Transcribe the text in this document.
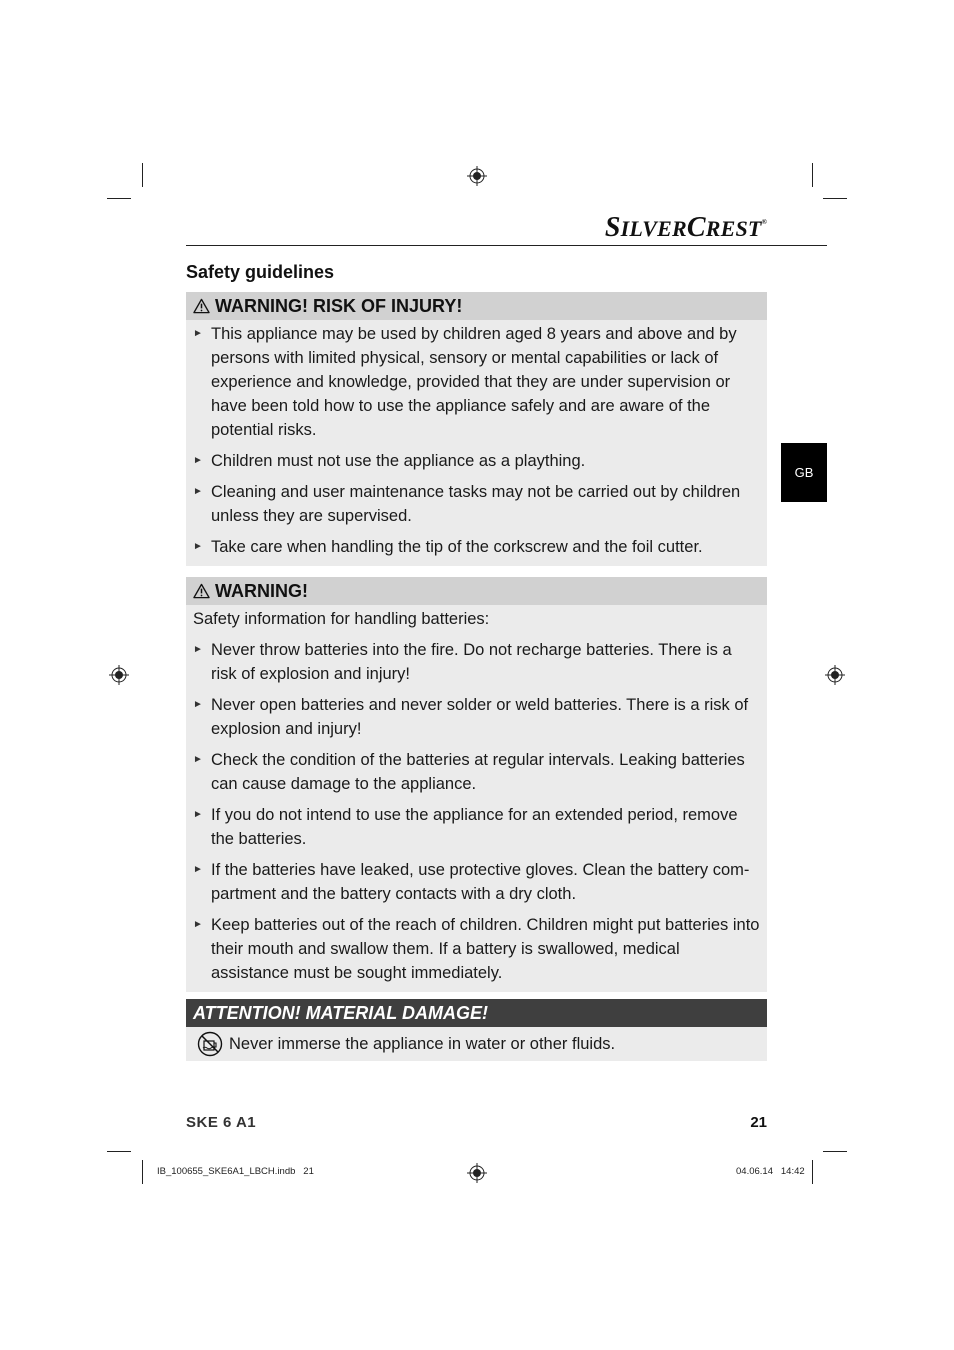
SILVERCREST®
Safety guidelines
WARNING! RISK OF INJURY!
► This appliance may be used by children aged 8 years and above and by persons with limited physical, sensory or mental capabilities or lack of experience and knowledge, provided that they are under supervision or have been told how to use the appliance safely and are aware of the potential risks.
► Children must not use the appliance as a plaything.
► Cleaning and user maintenance tasks may not be carried out by children unless they are supervised.
► Take care when handling the tip of the corkscrew and the foil cutter.
WARNING!
Safety information for handling batteries:
► Never throw batteries into the fire. Do not recharge batteries. There is a risk of explosion and injury!
► Never open batteries and never solder or weld batteries. There is a risk of explosion and injury!
► Check the condition of the batteries at regular intervals. Leaking batteries can cause damage to the appliance.
► If you do not intend to use the appliance for an extended period, remove the batteries.
► If the batteries have leaked, use protective gloves. Clean the battery com-partment and the battery contacts with a dry cloth.
► Keep batteries out of the reach of children. Children might put batteries into their mouth and swallow them. If a battery is swallowed, medical assistance must be sought immediately.
ATTENTION! MATERIAL DAMAGE!
Never immerse the appliance in water or other fluids.
GB
SKE 6 A1	21
IB_100655_SKE6A1_LBCH.indb   21	04.06.14   14:42
